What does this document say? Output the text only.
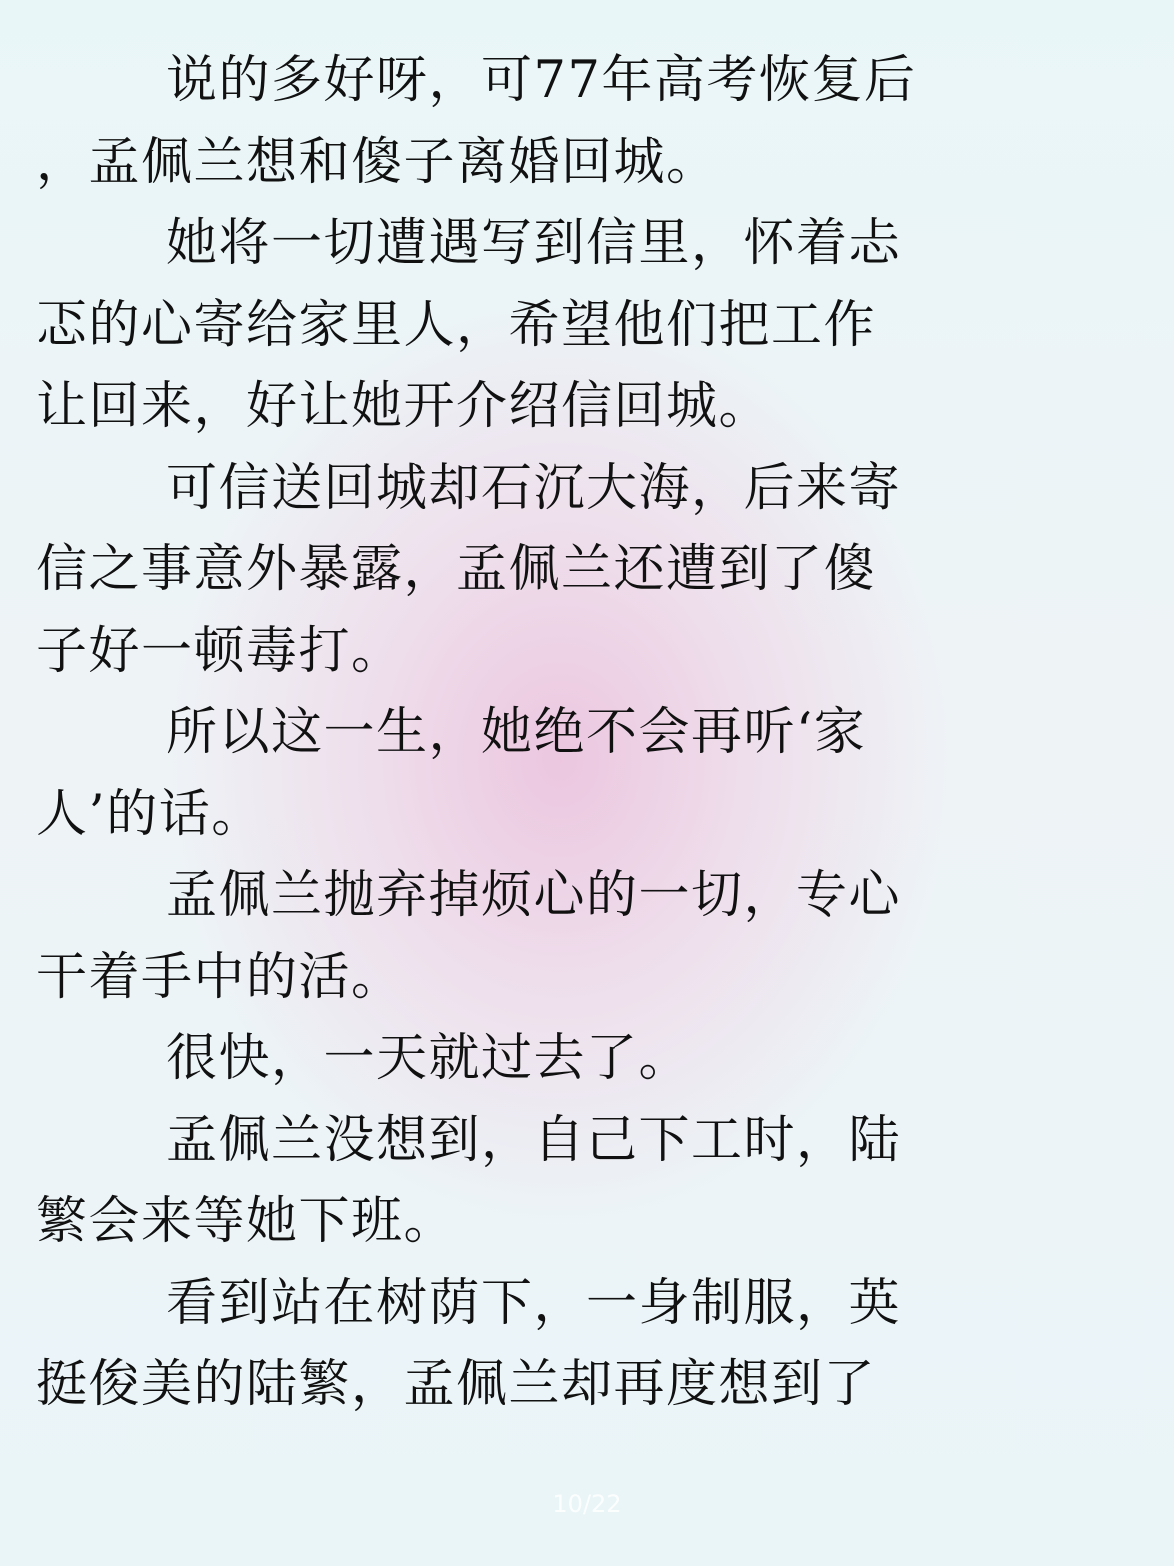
说的多好呀，可77年高考恢复后
，孟佩兰想和傻子离婚回城。
她将一切遭遇写到信里，怀着忐
忑的心寄给家里人，希望他们把工作
让回来，好让她开介绍信回城。
可信送回城却石沉大海，后来寄
信之事意外暴露，孟佩兰还遭到了傻
子好一顿毒打。
所以这一生，她绝不会再听‘家
人’的话。
孟佩兰抛弃掉烦心的一切，专心
干着手中的活。
很快，一天就过去了。
孟佩兰没想到，自己下工时，陆
繁会来等她下班。
看到站在树荫下，一身制服，英
挺俊美的陆繁，孟佩兰却再度想到了
10/22
